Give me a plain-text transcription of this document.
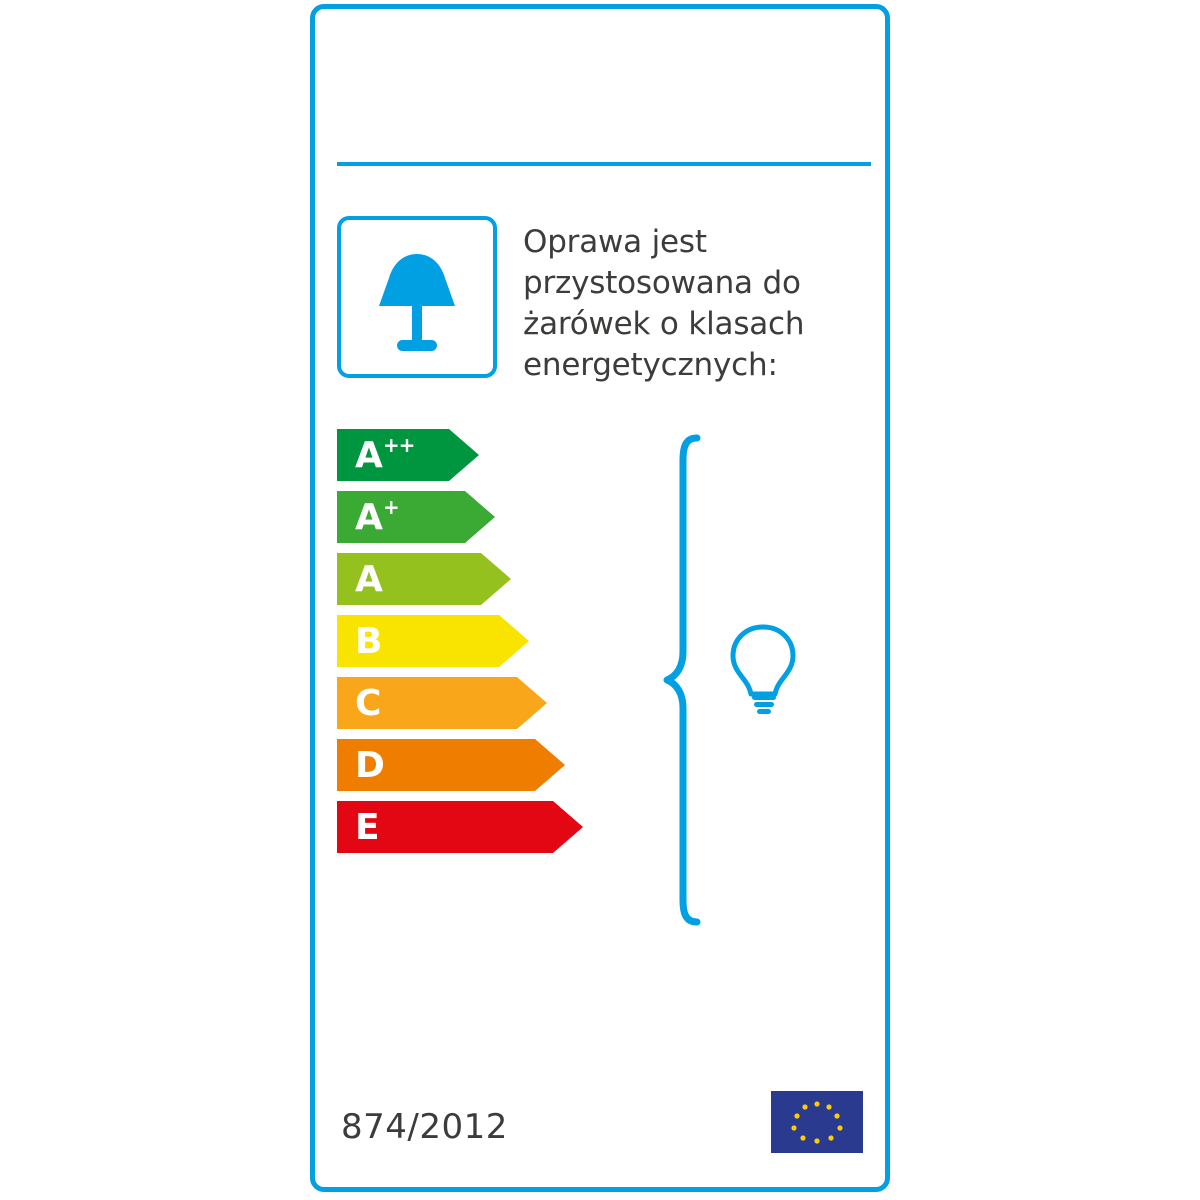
Oprawa jest przystosowana do żarówek o klasach energetycznych:
A ++
A +
A
B
C
D
E
874/2012
